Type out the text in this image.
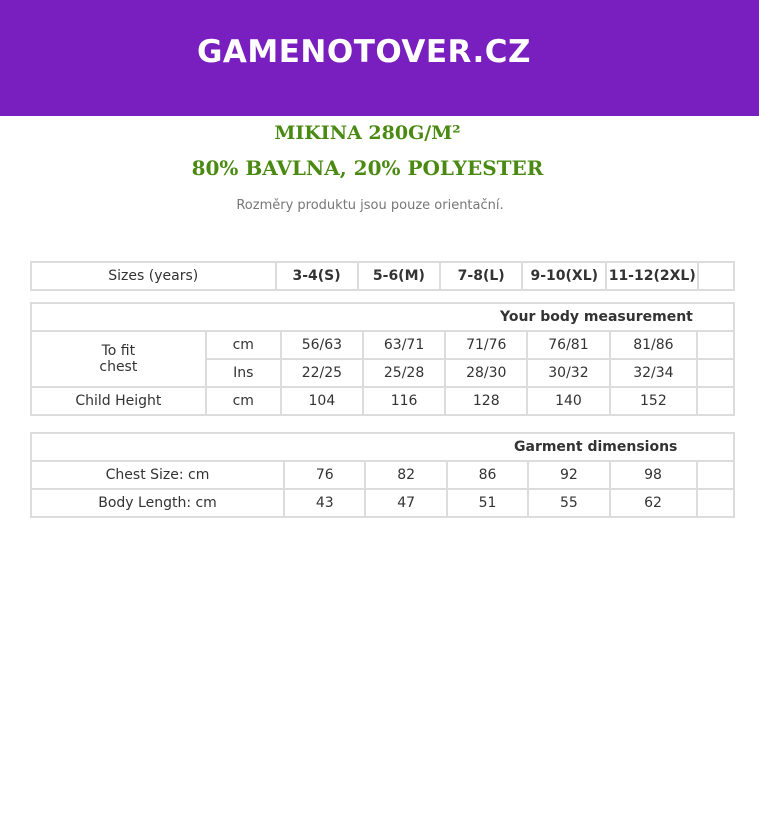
GAMENOTOVER.CZ
MIKINA 280G/M²
80% BAVLNA, 20% POLYESTER
Rozměry produktu jsou pouze orientační.
Sizes (years)	3-4(S)	5-6(M)	7-8(L)	9-10(XL)	11-12(2XL)	
Your body measurement							

To fit
chest	cm	56/63	63/71	71/76	76/81	81/86	
	Ins	22/25	25/28	28/30	30/32	32/34	
Child Height	cm	104	116	128	140	152	
Garment dimensions						
Chest Size: cm	76	82	86	92	98	
Body Length: cm	43	47	51	55	62	
